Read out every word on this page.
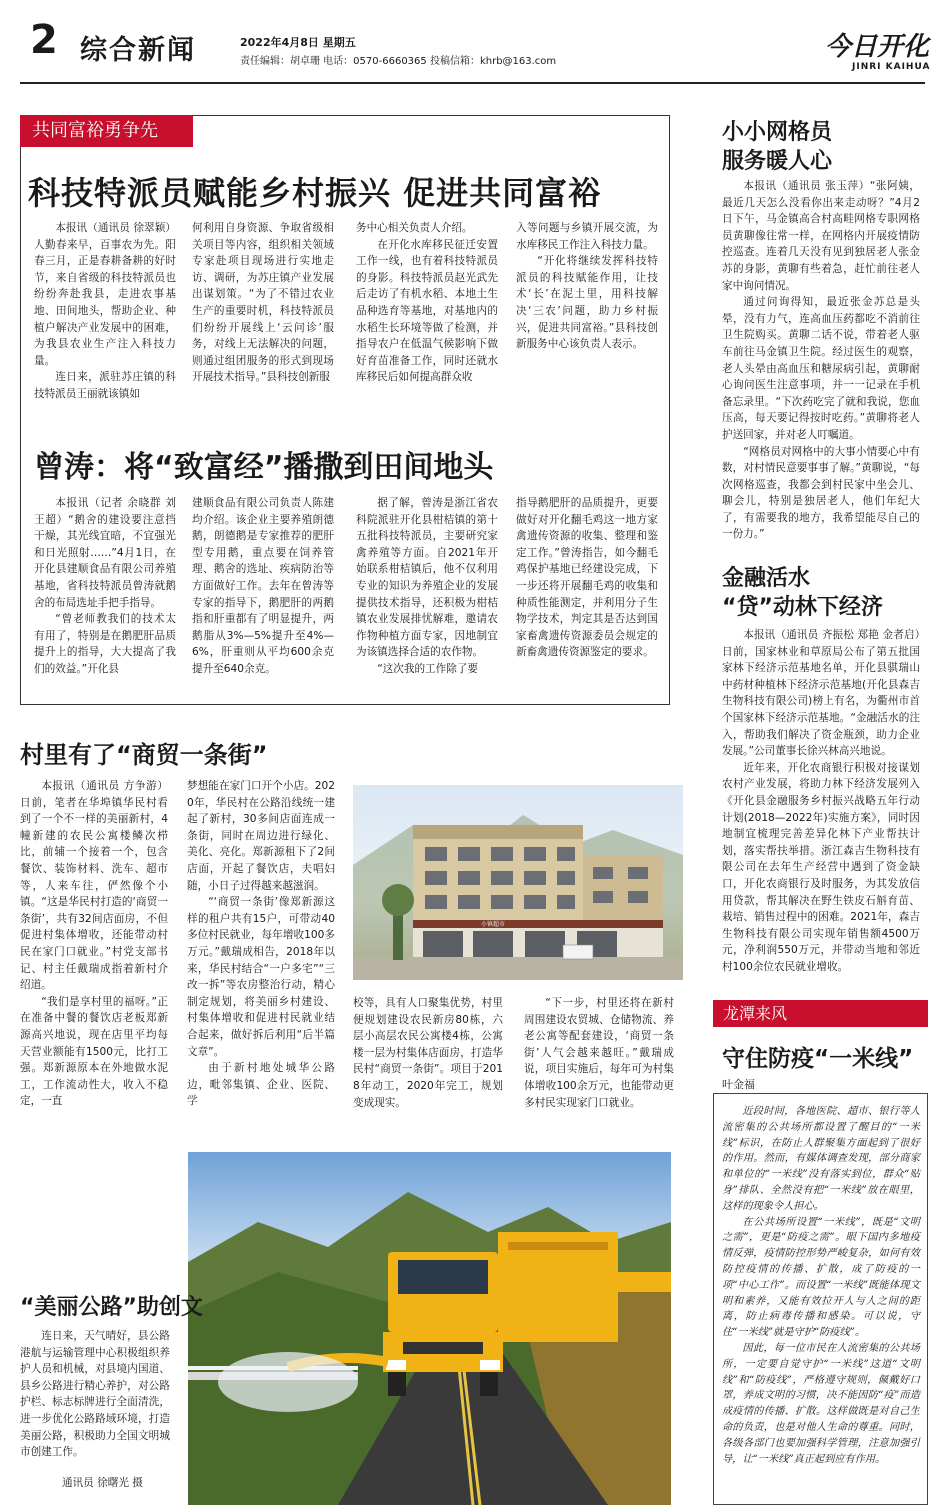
2 综合新闻	2022年4月8日 星期五
责任编辑：胡卓珊 电话：0570-6660365 投稿信箱：khrb@163.com	今日开化
JINRI KAIHUA
共同富裕勇争先
科技特派员赋能乡村振兴 促进共同富裕

本报讯（通讯员 徐翠颖）人勤春来早，百事农为先。阳春三月，正是春耕备耕的好时节，来自省级的科技特派员也纷纷奔赴我县，走进农事基地、田间地头，帮助企业、种植户解决产业发展中的困难，为我县农业生产注入科技力量。

连日来，派驻苏庄镇的科技特派员王丽就该镇如

何利用自身资源、争取省级相关项目等内容，组织相关领域专家赴项目现场进行实地走访、调研，为苏庄镇产业发展出谋划策。“为了不错过农业生产的重要时机，科技特派员们纷纷开展线上‘云问诊’服务，对线上无法解决的问题，则通过组团服务的形式到现场开展技术指导。”县科技创新服

务中心相关负责人介绍。

在开化水库移民征迁安置工作一线，也有着科技特派员的身影。科技特派员赵光武先后走访了有机水稻、本地土生品种选育等基地，对基地内的水稻生长环境等做了检测，并指导农户在低温气候影响下做好育苗准备工作，同时还就水库移民后如何提高群众收

入等问题与乡镇开展交流，为水库移民工作注入科技力量。

“开化将继续发挥科技特派员的科技赋能作用，让技术‘长’在泥土里，用科技解决‘三农’问题，助力乡村振兴，促进共同富裕。”县科技创新服务中心该负责人表示。

曾涛：将“致富经”播撒到田间地头

本报讯（记者 余晓群 刘王超）“鹅舍的建设要注意挡干燥，其光线宜暗，不宜强光和日光照射……”4月1日，在开化县建顺食品有限公司养殖基地，省科技特派员曾涛就鹅舍的布局选址手把手指导。

“曾老师教我们的技术太有用了，特别是在鹅肥肝品质提升上的指导，大大提高了我们的效益。”开化县

建顺食品有限公司负责人陈建均介绍。该企业主要养殖朗德鹅，朗德鹅是专家推荐的肥肝型专用鹅，重点要在饲养管理、鹅舍的选址、疾病防治等方面做好工作。去年在曾涛等专家的指导下，鹅肥肝的两鹅指和肝重都有了明显提升，两鹅脂从3%—5%提升至4%—6%，肝重则从平均600余克提升至640余克。

据了解，曾涛是浙江省农科院派驻开化县柑桔镇的第十五批科技特派员，主要研究家禽养殖等方面。自2021年开始联系柑桔镇后，他不仅利用专业的知识为养殖企业的发展提供技术指导，还积极为柑桔镇农业发展排忧解难，邀请农作物种植方面专家，因地制宜为该镇选择合适的农作物。

“这次我的工作除了要

指导鹅肥肝的品质提升，更要做好对开化翻毛鸡这一地方家禽遗传资源的收集、整理和鉴定工作。”曾涛指告，如今翻毛鸡保护基地已经建设完成，下一步还将开展翻毛鸡的收集和种质性能测定，并利用分子生物学技术，判定其是否达到国家畜禽遗传资源委员会规定的新畜禽遗传资源鉴定的要求。

小小网格员
服务暖人心

本报讯（通讯员 张玉萍）“张阿姨，最近几天怎么没看你出来走动呀？”4月2日下午，马金镇高合村高畦网格专职网格员黄聊像往常一样，在网格内开展疫情防控巡查。连着几天没有见到独居老人张金苏的身影，黄聊有些着急，赶忙前往老人家中询问情况。

通过问询得知，最近张金苏总是头晕，没有力气，连高血压药都吃不消前往卫生院购买。黄聊二话不说，带着老人驱车前往马金镇卫生院。经过医生的观察，老人头晕由高血压和糖尿病引起，黄聊耐心询问医生注意事项，并一一记录在手机备忘录里。“下次药吃完了就和我说，您血压高，每天要记得按时吃药。”黄聊将老人护送回家，并对老人叮嘱道。

“网格员对网格中的大事小情要心中有数，对村情民意要事事了解。”黄聊说，“每次网格巡查，我都会到村民家中坐会儿、聊会儿，特别是独居老人，他们年纪大了，有需要我的地方，我希望能尽自己的一份力。”

金融活水
“贷”动林下经济

本报讯（通讯员 齐振松 郑艳 金者启）日前，国家林业和草原局公布了第五批国家林下经济示范基地名单，开化县骐瑞山中药材种植林下经济示范基地(开化县森吉生物科技有限公司)榜上有名，为衢州市首个国家林下经济示范基地。“金融活水的注入，帮助我们解决了资金瓶颈，助力企业发展。”公司董事长徐兴林高兴地说。

近年来，开化农商银行积极对接谋划农村产业发展，将助力林下经济发展列入《开化县金融服务乡村振兴战略五年行动计划(2018—2022年)实施方案》，同时因地制宜梳理完善差异化林下产业帮扶计划，落实帮扶举措。浙江森吉生物科技有限公司在去年生产经营中遇到了资金缺口，开化农商银行及时服务，为其发放信用贷款，帮其解决在野生铁皮石斛育苗、栽培、销售过程中的困难。2021年，森吉生物科技有限公司实现年销售额4500万元，净利润550万元，并带动当地和邻近村100余位农民就业增收。

龙潭来风
守住防疫“一米线”
叶金福

近段时间，各地医院、超市、银行等人流密集的公共场所都设置了醒目的“一米线”标识，在防止人群聚集方面起到了很好的作用。然而，有媒体调查发现，部分商家和单位的“一米线”没有落实到位，群众“贴身”排队、全然没有把“一米线”放在眼里，这样的现象令人担心。

在公共场所设置“一米线”，既是“文明之需”，更是“防疫之需”。眼下国内多地疫情反弹，疫情防控形势严峻复杂，如何有效防控疫情的传播、扩散，成了防疫的一项“中心工作”。而设置“一米线”既能体现文明和素养，又能有效拉开人与人之间的距离，防止病毒传播和感染。可以说，守住“一米线”就是守护“防疫线”。

因此，每一位市民在人流密集的公共场所，一定要自觉守护“一米线”这道“文明线”和“防疫线”，严格遵守规则，佩戴好口罩，养成文明的习惯，决不能因防“疫”而造成疫情的传播、扩散。这样做既是对自己生命的负责，也是对他人生命的尊重。同时，各级各部门也要加强科学管理，注意加强引导，让“一米线”真正起到应有作用。

村里有了“商贸一条街”

本报讯（通讯员 方争游）日前，笔者在华埠镇华民村看到了一个不一样的美丽新村，4幢新建的农民公寓楼鳞次栉比，前辅一个接着一个，包含餐饮、装饰材料、洗车、超市等，人来车往，俨然像个小镇。“这是华民村打造的‘商贸一条街’，共有32间店面房，不但促进村集体增收，还能带动村民在家门口就业。”村党支部书记、村主任戴瑞成指着新村介绍道。

“我们是享村里的福呀。”正在准备中餐的餐饮店老板郑新源高兴地说，现在店里平均每天营业额能有1500元，比打工强。郑新源原本在外地做水泥工，工作流动性大，收入不稳定，一直

梦想能在家门口开个小店。2020年，华民村在公路沿线统一建起了新村，30多间店面连成一条街，同时在周边进行绿化、美化、亮化。郑新源租下了2间店面，开起了餐饮店，夫唱妇随，小日子过得越来越滋润。

“‘商贸一条街’像郑新源这样的租户共有15户，可带动40多位村民就业，每年增收100多万元。”戴瑞成相告，2018年以来，华民村结合“一户多宅”“三改一拆”等农房整治行动，精心制定规划，将美丽乡村建设、村集体增收和促进村民就业结合起来，做好拆后利用“后半篇文章”。

由于新村地处城华公路边，毗邻集镇、企业、医院、学

小镇超市

校等，具有人口聚集优势，村里便规划建设农民新房80栋，六层小高层农民公寓楼4栋，公寓楼一层为村集体店面房，打造华民村“商贸一条街”。项目于2018年动工，2020年完工，规划变成现实。

“下一步，村里还将在新村周围建设农贸城、仓储物流、养老公寓等配套建设，‘商贸一条街’人气会越来越旺。”戴瑞成说，项目实施后，每年可为村集体增收100余万元，也能带动更多村民实现家门口就业。

“美丽公路”助创文

连日来，天气晴好，县公路港航与运输管理中心积极组织养护人员和机械，对县境内国道、县乡公路进行精心养护，对公路护栏、标志标牌进行全面清洗，进一步优化公路路域环境，打造美丽公路，积极助力全国文明城市创建工作。

通讯员 徐曙光 摄
